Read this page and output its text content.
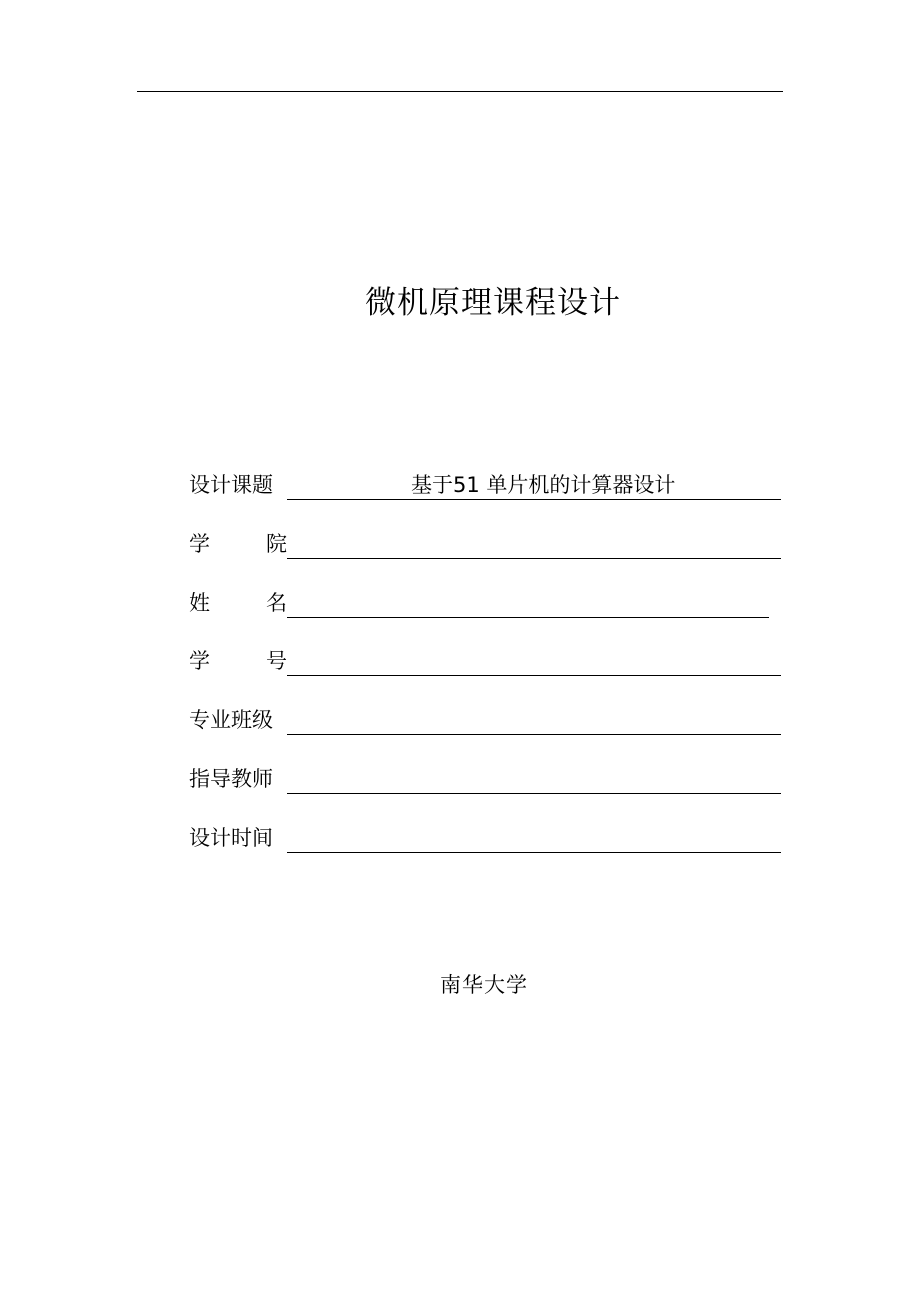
微机原理课程设计
设计课题	基于51 单片机的计算器设计
学	院
姓	名
学	号
专业班级
指导教师
设计时间
南华大学
